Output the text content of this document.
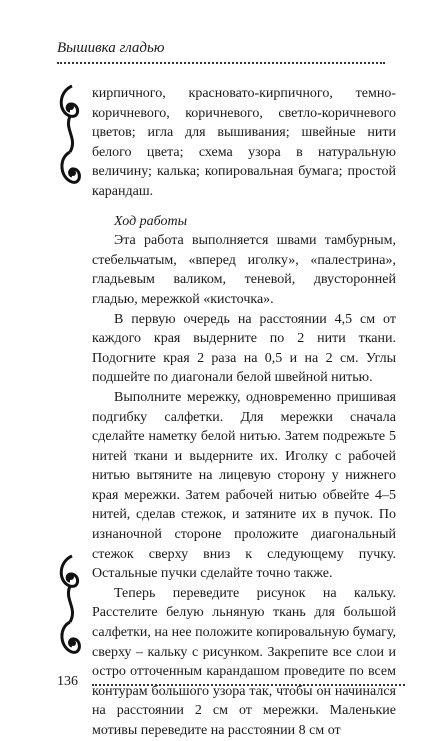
Вышивка гладью

кирпичного, красновато-кирпичного, темно-коричневого, коричневого, светло-коричневого цветов; игла для вышивания; швейные нити белого цвета; схема узора в натуральную величину; калька; копировальная бумага; простой карандаш.

Ход работы

Эта работа выполняется швами тамбурным, стебельчатым, «вперед иголку», «палестрина», гладьевым валиком, теневой, двусторонней гладью, мережкой «кисточка».

В первую очередь на расстоянии 4,5 см от каждого края выдерните по 2 нити ткани. Подогните края 2 раза на 0,5 и на 2 см. Углы подшейте по диагонали белой швейной нитью.

Выполните мережку, одновременно пришивая подгибку салфетки. Для мережки сначала сделайте наметку белой нитью. Затем подрежьте 5 нитей ткани и выдерните их. Иголку с рабочей нитью вытяните на лицевую сторону у нижнего края мережки. Затем рабочей нитью обвейте 4–5 нитей, сделав стежок, и затяните их в пучок. По изнаночной стороне проложите диагональный стежок сверху вниз к следующему пучку. Остальные пучки сделайте точно также.

Теперь переведите рисунок на кальку. Расстелите белую льняную ткань для большой салфетки, на нее положите копировальную бумагу, сверху – кальку с рисунком. Закрепите все слои и остро отточенным карандашом проведите по всем контурам большого узора так, чтобы он начинался на расстоянии 2 см от мережки. Маленькие мотивы переведите на расстоянии 8 см от

136
